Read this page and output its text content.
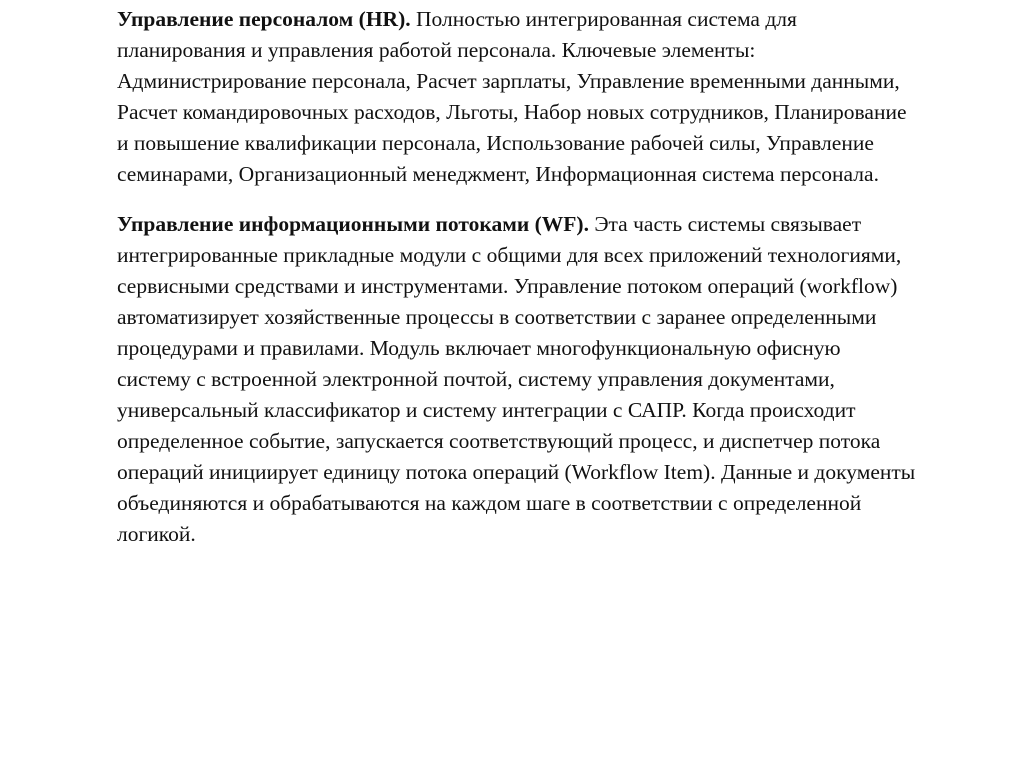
Управление персоналом (HR). Полностью интегрированная система для планирования и управления работой персонала. Ключевые элементы: Администрирование персонала, Расчет зарплаты, Управление временными данными, Расчет командировочных расходов, Льготы, Набор новых сотрудников, Планирование и повышение квалификации персонала, Использование рабочей силы, Управление семинарами, Организационный менеджмент, Информационная система персонала.

Управление информационными потоками (WF). Эта часть системы связывает интегрированные прикладные модули с общими для всех приложений технологиями, сервисными средствами и инструментами. Управление потоком операций (workflow) автоматизирует хозяйственные процессы в соответствии с заранее определенными процедурами и правилами. Модуль включает многофункциональную офисную систему с встроенной электронной почтой, систему управления документами, универсальный классификатор и систему интеграции с САПР. Когда происходит определенное событие, запускается соответствующий процесс, и диспетчер потока операций инициирует единицу потока операций (Workflow Item). Данные и документы объединяются и обрабатываются на каждом шаге в соответствии с определенной логикой.
